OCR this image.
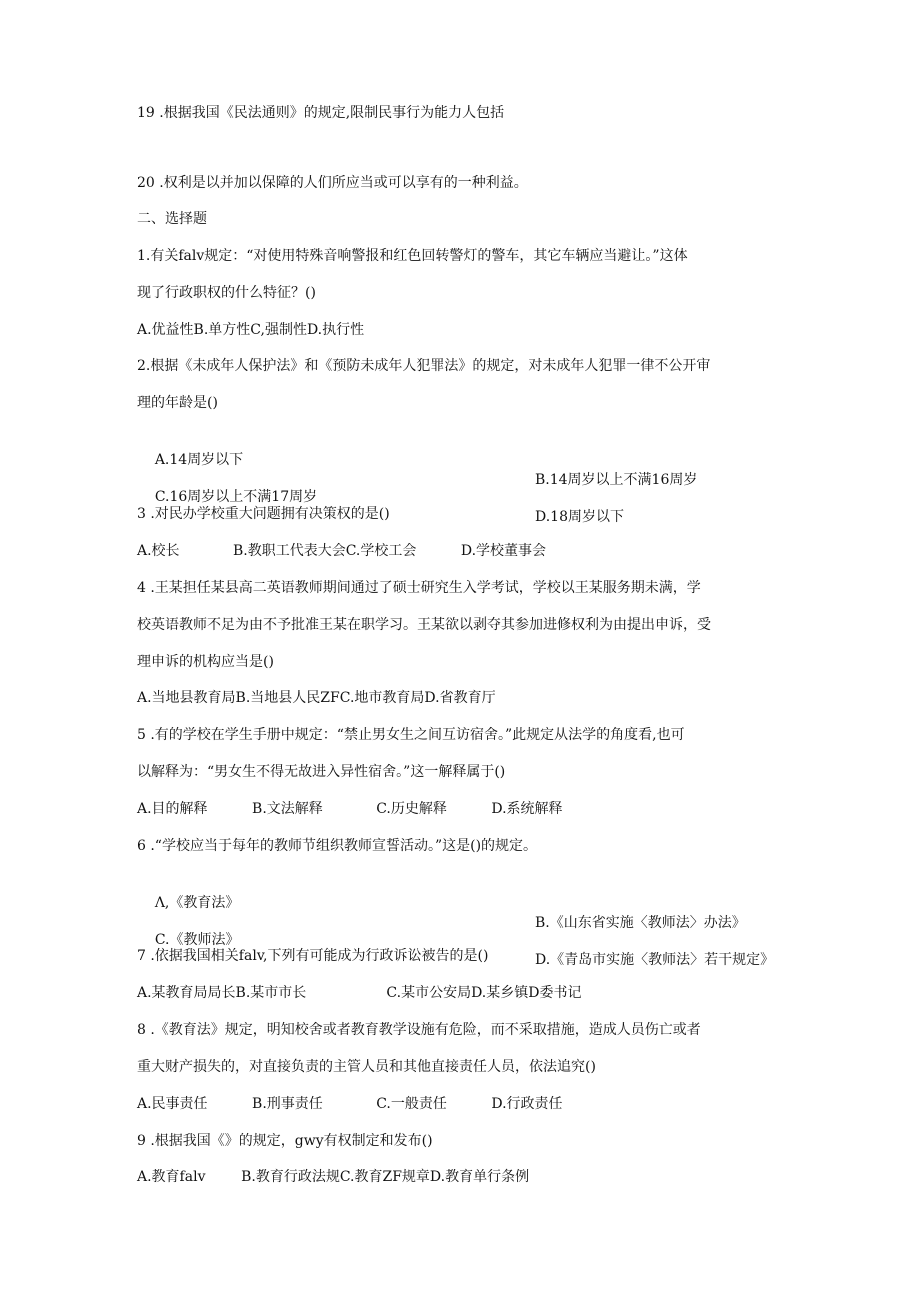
19 .根据我国《民法通则》的规定,限制民事行为能力人包括
20 .权利是以并加以保障的人们所应当或可以享有的一种利益。
二、选择题
1.有关falv规定：“对使用特殊音响警报和红色回转警灯的警车，其它车辆应当避让。”这体
现了行政职权的什么特征？()
A.优益性B.单方性C,强制性D.执行性
2.根据《未成年人保护法》和《预防未成年人犯罪法》的规定，对未成年人犯罪一律不公开审
理的年龄是()

A.14周岁以下

B.14周岁以上不满16周岁

C.16周岁以上不满17周岁

D.18周岁以下

3 .对民办学校重大问题拥有决策权的是()
A.校长            B.教职工代表大会C.学校工会          D.学校董事会
4 .王某担任某县高二英语教师期间通过了硕士研究生入学考试，学校以王某服务期未满，学
校英语教师不足为由不予批准王某在职学习。王某欲以剥夺其参加进修权利为由提出申诉，受
理申诉的机构应当是()
A.当地县教育局B.当地县人民ZFC.地市教育局D.省教育厅
5 .有的学校在学生手册中规定：“禁止男女生之间互访宿舍。”此规定从法学的角度看,也可
以解释为：“男女生不得无故进入异性宿舍。”这一解释属于()
A.目的解释          B.文法解释            C.历史解释          D.系统解释
6 .“学校应当于每年的教师节组织教师宣誓活动。”这是()的规定。

Λ,《教育法》

B.《山东省实施〈教师法〉办法》

C.《教师法》

D.《青岛市实施〈教师法〉若干规定》

7 .依据我国相关falv,下列有可能成为行政诉讼被告的是()
A.某教育局局长B.某市市长                  C.某市公安局D.某乡镇D委书记
8 .《教育法》规定，明知校舍或者教育教学设施有危险，而不采取措施，造成人员伤亡或者
重大财产损失的，对直接负责的主管人员和其他直接责任人员，依法追究()
A.民事责任          B.刑事责任            C.一般责任          D.行政责任
9 .根据我国《》的规定，gwy有权制定和发布()
A.教育falv        B.教育行政法规C.教育ZF规章D.教育单行条例
